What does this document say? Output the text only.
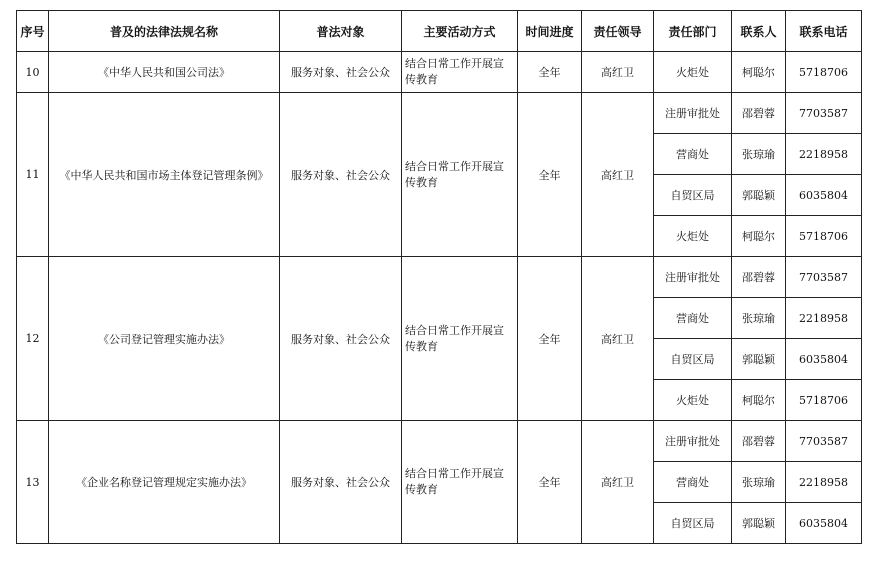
序号	普及的法律法规名称	普法对象	主要活动方式	时间进度	责任领导	责任部门	联系人	联系电话
10	《中华人民共和国公司法》	服务对象、社会公众	结合日常工作开展宣传教育	全年	高红卫	火炬处	柯聪尔	5718706
11	《中华人民共和国市场主体登记管理条例》	服务对象、社会公众	结合日常工作开展宣传教育	全年	高红卫	注册审批处	邵碧蓉	7703587
						营商处	张琼瑜	2218958
						自贸区局	郭聪颖	6035804
						火炬处	柯聪尔	5718706
12	《公司登记管理实施办法》	服务对象、社会公众	结合日常工作开展宣传教育	全年	高红卫	注册审批处	邵碧蓉	7703587
						营商处	张琼瑜	2218958
						自贸区局	郭聪颖	6035804
						火炬处	柯聪尔	5718706
13	《企业名称登记管理规定实施办法》	服务对象、社会公众	结合日常工作开展宣传教育	全年	高红卫	注册审批处	邵碧蓉	7703587
						营商处	张琼瑜	2218958
						自贸区局	郭聪颖	6035804
